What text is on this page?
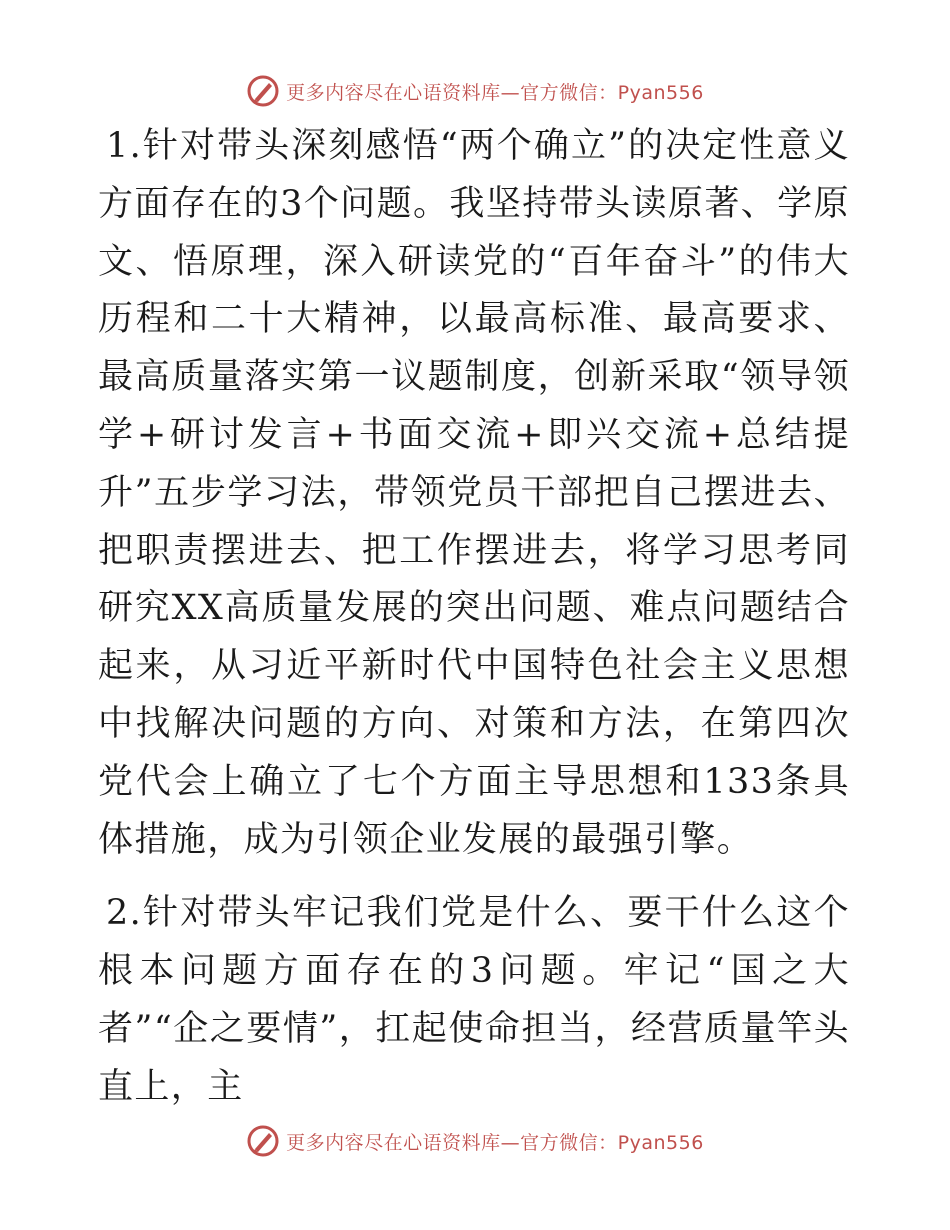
更多内容尽在心语资料库—官方微信：Pyan556

1.针对带头深刻感悟“两个确立”的决定性意义方面存在的3个问题。我坚持带头读原著、学原文、悟原理，深入研读党的“百年奋斗”的伟大历程和二十大精神，以最高标准、最高要求、最高质量落实第一议题制度，创新采取“领导领学+研讨发言+书面交流+即兴交流+总结提升”五步学习法，带领党员干部把自己摆进去、把职责摆进去、把工作摆进去，将学习思考同研究XX高质量发展的突出问题、难点问题结合起来，从习近平新时代中国特色社会主义思想中找解决问题的方向、对策和方法，在第四次党代会上确立了七个方面主导思想和133条具体措施，成为引领企业发展的最强引擎。

2.针对带头牢记我们党是什么、要干什么这个根本问题方面存在的3问题。牢记“国之大者”“企之要情”，扛起使命担当，经营质量竿头直上，主

更多内容尽在心语资料库—官方微信：Pyan556
